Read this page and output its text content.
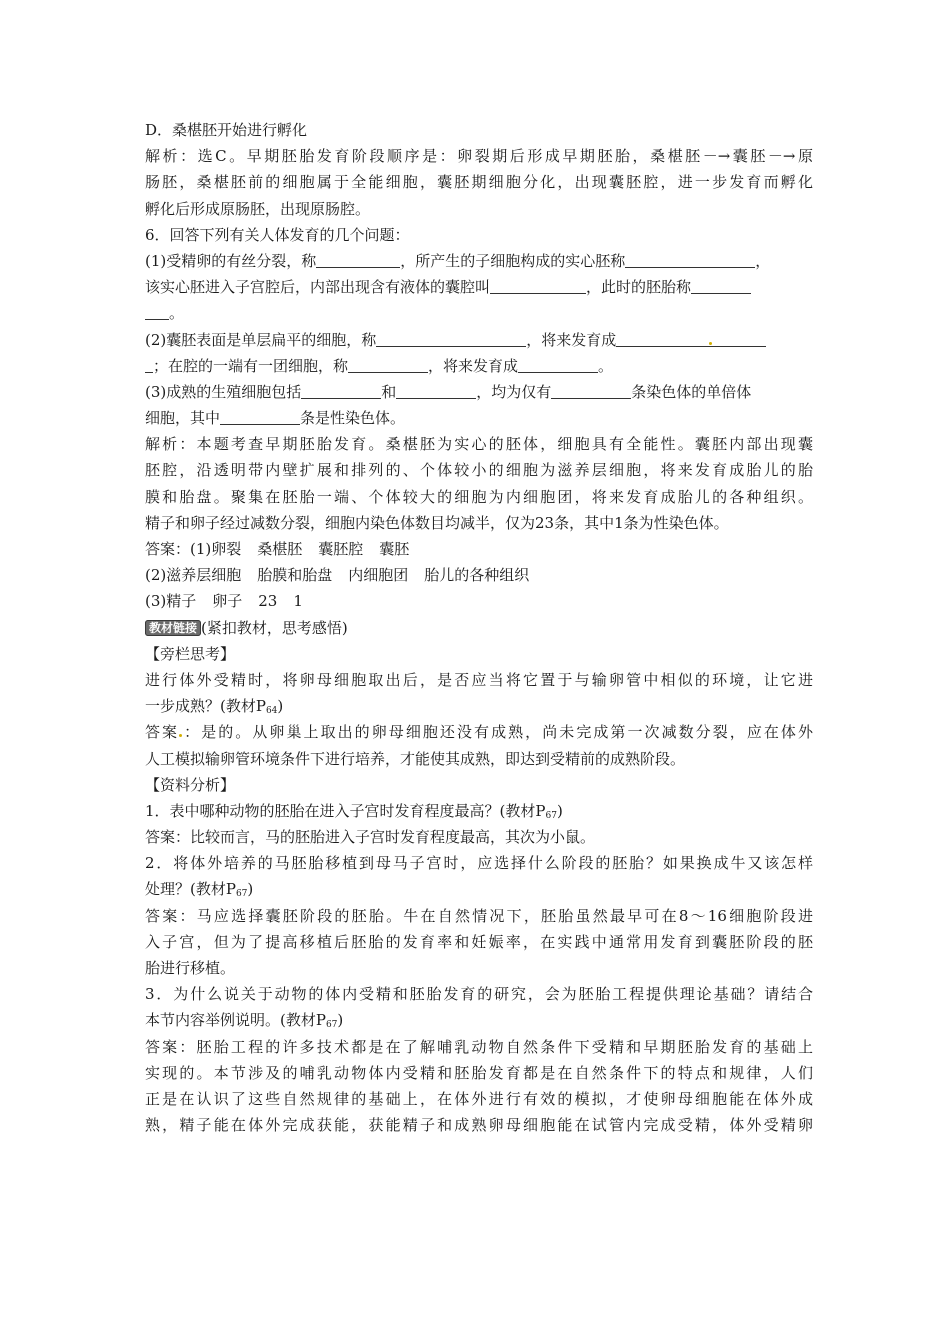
D．桑椹胚开始进行孵化
解析：选C。早期胚胎发育阶段顺序是：卵裂期后形成早期胚胎，桑椹胚－→囊胚－→原
肠胚，桑椹胚前的细胞属于全能细胞，囊胚期细胞分化，出现囊胚腔，进一步发育而孵化
孵化后形成原肠胚，出现原肠腔。
6．回答下列有关人体发育的几个问题：
(1)受精卵的有丝分裂，称	，所产生的子细胞构成的实心胚称	，
该实心胚进入子宫腔后，内部出现含有液体的囊腔叫	，此时的胚胎称
。
(2)囊胚表面是单层扁平的细胞，称	，将来发育成
；在腔的一端有一团细胞，称	，将来发育成	。
(3)成熟的生殖细胞包括	和	，均为仅有	条染色体的单倍体
细胞，其中	条是性染色体。
解析：本题考查早期胚胎发育。桑椹胚为实心的胚体，细胞具有全能性。囊胚内部出现囊
胚腔，沿透明带内壁扩展和排列的、个体较小的细胞为滋养层细胞，将来发育成胎儿的胎
膜和胎盘。聚集在胚胎一端、个体较大的细胞为内细胞团，将来发育成胎儿的各种组织。
精子和卵子经过减数分裂，细胞内染色体数目均减半，仅为23条，其中1条为性染色体。
答案：(1)卵裂 桑椹胚 囊胚腔 囊胚
(2)滋养层细胞 胎膜和胎盘 内细胞团 胎儿的各种组织
(3)精子 卵子 23 1
教材链接 (紧扣教材，思考感悟)
【旁栏思考】
进行体外受精时，将卵母细胞取出后，是否应当将它置于与输卵管中相似的环境，让它进
一步成熟？(教材$P_{64}$)
答案 ：是的。从卵巢上取出的卵母细胞还没有成熟，尚未完成第一次减数分裂，应在体外
人工模拟输卵管环境条件下进行培养，才能使其成熟，即达到受精前的成熟阶段。
【资料分析】
1．表中哪种动物的胚胎在进入子宫时发育程度最高？(教材$P_{67}$)
答案：比较而言，马的胚胎进入子宫时发育程度最高，其次为小鼠。
2．将体外培养的马胚胎移植到母马子宫时，应选择什么阶段的胚胎？如果换成牛又该怎样
处理？(教材$P_{67}$)
答案：马应选择囊胚阶段的胚胎。牛在自然情况下，胚胎虽然最早可在8～16细胞阶段进
入子宫，但为了提高移植后胚胎的发育率和妊娠率，在实践中通常用发育到囊胚阶段的胚
胎进行移植。
3．为什么说关于动物的体内受精和胚胎发育的研究，会为胚胎工程提供理论基础？请结合
本节内容举例说明。(教材$P_{67}$)
答案：胚胎工程的许多技术都是在了解哺乳动物自然条件下受精和早期胚胎发育的基础上
实现的。本节涉及的哺乳动物体内受精和胚胎发育都是在自然条件下的特点和规律，人们
正是在认识了这些自然规律的基础上，在体外进行有效的模拟，才使卵母细胞能在体外成
熟，精子能在体外完成获能，获能精子和成熟卵母细胞能在试管内完成受精，体外受精卵
